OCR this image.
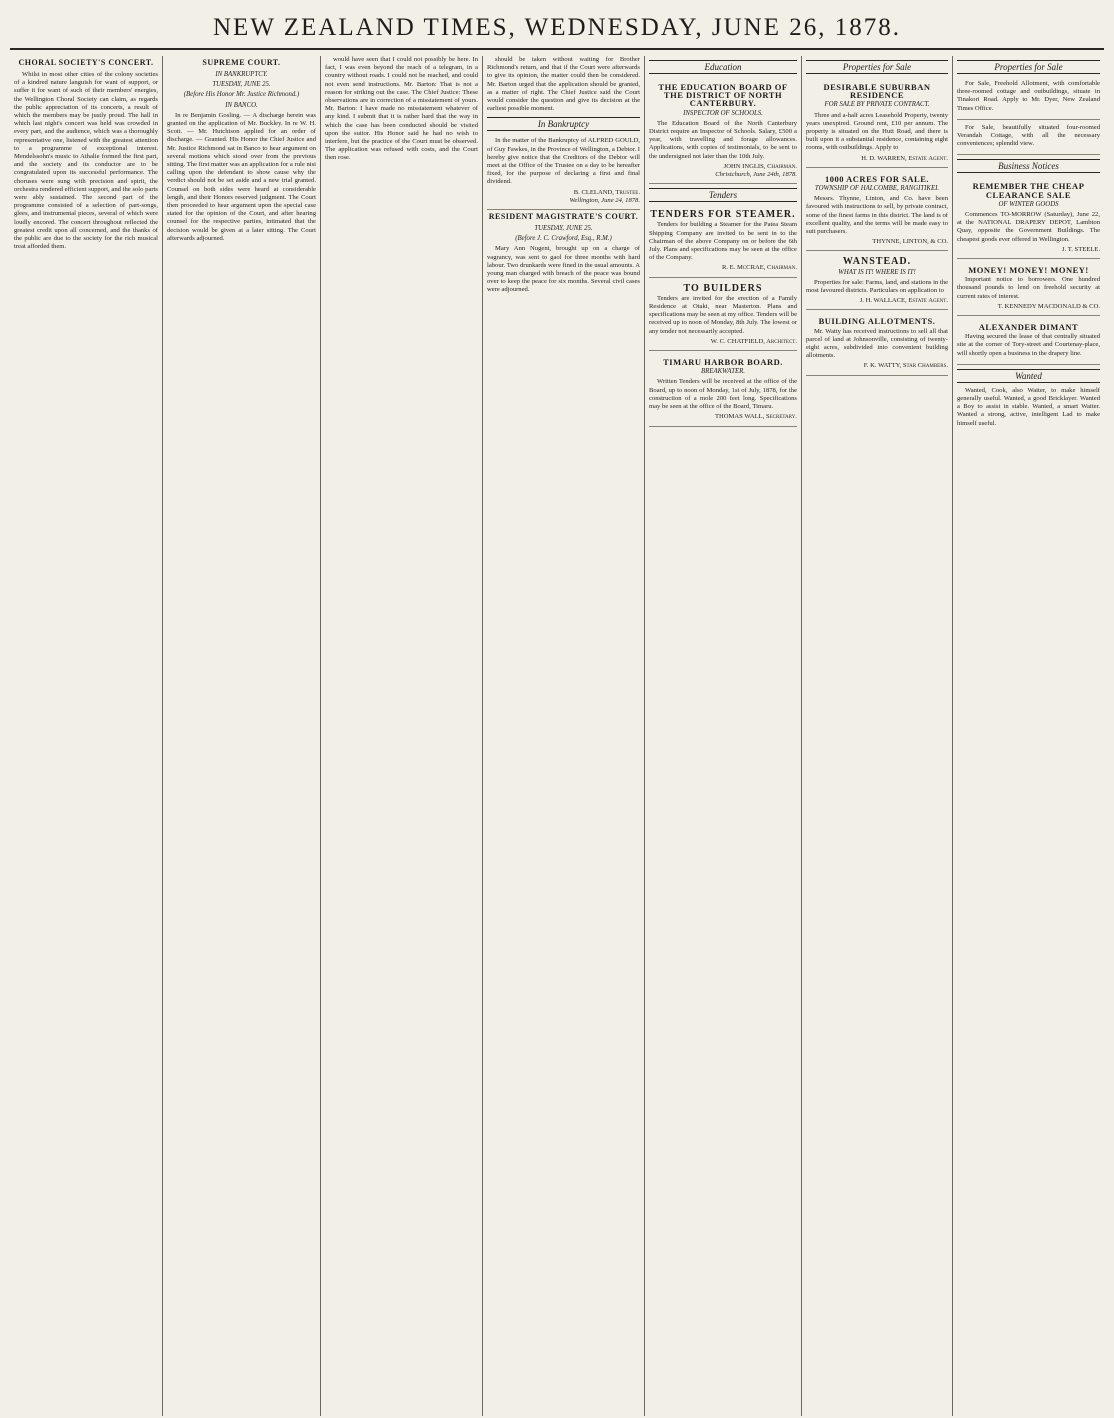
NEW ZEALAND TIMES, WEDNESDAY, JUNE 26, 1878.
CHORAL SOCIETY'S CONCERT.

Whilst in most other cities of the colony societies of a kindred nature languish for want of support, or suffer it for want of such of their members' energies, the Wellington Choral Society can claim, as regards the public appreciation of its concerts, a result of which the members may be justly proud. The hall in which last night's concert was held was crowded in every part, and the audience, which was a thoroughly representative one, listened with the greatest attention to a programme of exceptional interest. Mendelssohn's music to Athalie formed the first part, and the society and its conductor are to be congratulated upon its successful performance. The choruses were sung with precision and spirit, the orchestra rendered efficient support, and the solo parts were ably sustained. The second part of the programme consisted of a selection of part-songs, glees, and instrumental pieces, several of which were loudly encored. The concert throughout reflected the greatest credit upon all concerned, and the thanks of the public are due to the society for the rich musical treat afforded them.

SUPREME COURT.
IN BANKRUPTCY.
TUESDAY, JUNE 25.
(Before His Honor Mr. Justice Richmond.)
IN BANCO.

In re Benjamin Gosling. — A discharge herein was granted on the application of Mr. Buckley. In re W. H. Scott. — Mr. Hutchison applied for an order of discharge. — Granted. His Honor the Chief Justice and Mr. Justice Richmond sat in Banco to hear argument on several motions which stood over from the previous sitting. The first matter was an application for a rule nisi calling upon the defendant to show cause why the verdict should not be set aside and a new trial granted. Counsel on both sides were heard at considerable length, and their Honors reserved judgment. The Court then proceeded to hear argument upon the special case stated for the opinion of the Court, and after hearing counsel for the respective parties, intimated that the decision would be given at a later sitting. The Court afterwards adjourned.

would have seen that I could not possibly be here. In fact, I was even beyond the reach of a telegram, in a country without roads. I could not be reached, and could not even send instructions. Mr. Barton: That is not a reason for striking out the case. The Chief Justice: These observations are in correction of a misstatement of yours. Mr. Barton: I have made no misstatement whatever of any kind. I submit that it is rather hard that the way in which the case has been conducted should be visited upon the suitor. His Honor said he had no wish to interfere, but the practice of the Court must be observed. The application was refused with costs, and the Court then rose.

should be taken without waiting for Brother Richmond's return, and that if the Court were afterwards to give its opinion, the matter could then be considered. Mr. Barton urged that the application should be granted, as a matter of right. The Chief Justice said the Court would consider the question and give its decision at the earliest possible moment.

In Bankruptcy

In the matter of the Bankruptcy of ALFRED GOULD, of Guy Fawkes, in the Province of Wellington, a Debtor. I hereby give notice that the Creditors of the Debtor will meet at the Office of the Trustee on a day to be hereafter fixed, for the purpose of declaring a first and final dividend.

B. CLELAND, Trustee.
Wellington, June 24, 1878.
RESIDENT MAGISTRATE'S COURT.
TUESDAY, JUNE 25.
(Before J. C. Crawford, Esq., R.M.)

Mary Ann Nugent, brought up on a charge of vagrancy, was sent to gaol for three months with hard labour. Two drunkards were fined in the usual amounts. A young man charged with breach of the peace was bound over to keep the peace for six months. Several civil cases were adjourned.

Education
THE EDUCATION BOARD OF THE DISTRICT OF NORTH CANTERBURY.
INSPECTOR OF SCHOOLS.

The Education Board of the North Canterbury District require an Inspector of Schools. Salary, £500 a year, with travelling and forage allowances. Applications, with copies of testimonials, to be sent to the undersigned not later than the 10th July.

JOHN INGLIS, Chairman.
Christchurch, June 24th, 1878.
Tenders
TENDERS FOR STEAMER.

Tenders for building a Steamer for the Patea Steam Shipping Company are invited to be sent in to the Chairman of the above Company on or before the 6th July. Plans and specifications may be seen at the office of the Company.

R. E. McCRAE, Chairman.
TO BUILDERS

Tenders are invited for the erection of a Family Residence at Otaki, near Masterton. Plans and specifications may be seen at my office. Tenders will be received up to noon of Monday, 8th July. The lowest or any tender not necessarily accepted.

W. C. CHATFIELD, Architect.
TIMARU HARBOR BOARD.
BREAKWATER.

Written Tenders will be received at the office of the Board, up to noon of Monday, 1st of July, 1878, for the construction of a mole 200 feet long. Specifications may be seen at the office of the Board, Timaru.

THOMAS WALL, Secretary.
Properties for Sale
DESIRABLE SUBURBAN RESIDENCE
FOR SALE BY PRIVATE CONTRACT.

Three and a-half acres Leasehold Property, twenty years unexpired. Ground rent, £10 per annum. The property is situated on the Hutt Road, and there is built upon it a substantial residence, containing eight rooms, with outbuildings. Apply to

H. D. WARREN, Estate Agent.
1000 ACRES FOR SALE.
TOWNSHIP OF HALCOMBE, RANGITIKEI.

Messrs. Thynne, Linton, and Co. have been favoured with instructions to sell, by private contract, some of the finest farms in this district. The land is of excellent quality, and the terms will be made easy to suit purchasers.

THYNNE, LINTON, & CO.
WANSTEAD.
WHAT IS IT! WHERE IS IT!

Properties for sale: Farms, land, and stations in the most favoured districts. Particulars on application to

J. H. WALLACE, Estate Agent.
BUILDING ALLOTMENTS.

Mr. Watty has received instructions to sell all that parcel of land at Johnsonville, consisting of twenty-eight acres, subdivided into convenient building allotments.

F. K. WATTY, Star Chambers.
Properties for Sale

For Sale, Freehold Allotment, with comfortable three-roomed cottage and outbuildings, situate in Tinakori Road. Apply to Mr. Dyer, New Zealand Times Office.

For Sale, beautifully situated four-roomed Verandah Cottage, with all the necessary conveniences; splendid view.

Business Notices
REMEMBER THE CHEAP CLEARANCE SALE
OF WINTER GOODS

Commences TO-MORROW (Saturday), June 22, at the NATIONAL DRAPERY DEPOT, Lambton Quay, opposite the Government Buildings. The cheapest goods ever offered in Wellington.

J. T. STEELE.
MONEY! MONEY! MONEY!

Important notice to borrowers. One hundred thousand pounds to lend on freehold security at current rates of interest.

T. KENNEDY MACDONALD & CO.
ALEXANDER DIMANT

Having secured the lease of that centrally situated site at the corner of Tory-street and Courtenay-place, will shortly open a business in the drapery line.

Wanted

Wanted, Cook, also Waiter, to make himself generally useful. Wanted, a good Bricklayer. Wanted a Boy to assist in stable. Wanted, a smart Waiter. Wanted a strong, active, intelligent Lad to make himself useful.
